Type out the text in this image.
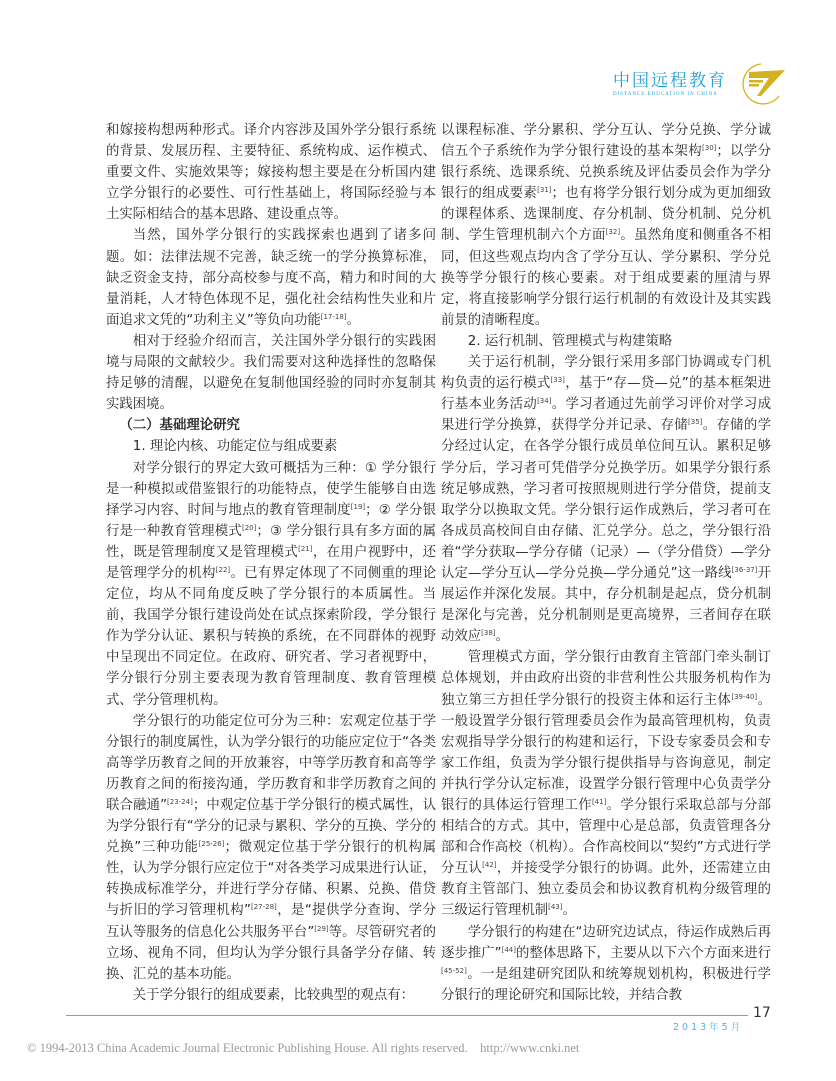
中国远程教育
DISTANCE EDUCATION IN CHINA

和嫁接构想两种形式。译介内容涉及国外学分银行系统的背景、发展历程、主要特征、系统构成、运作模式、重要文件、实施效果等；嫁接构想主要是在分析国内建立学分银行的必要性、可行性基础上，将国际经验与本土实际相结合的基本思路、建设重点等。

当然，国外学分银行的实践探索也遇到了诸多问题。如：法律法规不完善，缺乏统一的学分换算标准，缺乏资金支持，部分高校参与度不高，精力和时间的大量消耗，人才特色体现不足，强化社会结构性失业和片面追求文凭的“功利主义”等负向功能[17-18]。

相对于经验介绍而言，关注国外学分银行的实践困境与局限的文献较少。我们需要对这种选择性的忽略保持足够的清醒，以避免在复制他国经验的同时亦复制其实践困境。

（二）基础理论研究

1. 理论内核、功能定位与组成要素

对学分银行的界定大致可概括为三种：① 学分银行是一种模拟或借鉴银行的功能特点，使学生能够自由选择学习内容、时间与地点的教育管理制度[19]；② 学分银行是一种教育管理模式[20]；③ 学分银行具有多方面的属性，既是管理制度又是管理模式[21]，在用户视野中，还是管理学分的机构[22]。已有界定体现了不同侧重的理论定位，均从不同角度反映了学分银行的本质属性。当前，我国学分银行建设尚处在试点探索阶段，学分银行作为学分认证、累积与转换的系统，在不同群体的视野中呈现出不同定位。在政府、研究者、学习者视野中，学分银行分别主要表现为教育管理制度、教育管理模式、学分管理机构。

学分银行的功能定位可分为三种：宏观定位基于学分银行的制度属性，认为学分银行的功能应定位于“各类高等学历教育之间的开放兼容，中等学历教育和高等学历教育之间的衔接沟通，学历教育和非学历教育之间的联合融通”[23-24]；中观定位基于学分银行的模式属性，认为学分银行有“学分的记录与累积、学分的互换、学分的兑换”三种功能[25-26]；微观定位基于学分银行的机构属性，认为学分银行应定位于“对各类学习成果进行认证，转换成标准学分，并进行学分存储、积累、兑换、借贷与折旧的学习管理机构”[27-28]，是“提供学分查询、学分互认等服务的信息化公共服务平台”[29]等。尽管研究者的立场、视角不同，但均认为学分银行具备学分存储、转换、汇兑的基本功能。

关于学分银行的组成要素，比较典型的观点有：

以课程标准、学分累积、学分互认、学分兑换、学分诚信五个子系统作为学分银行建设的基本架构[30]；以学分银行系统、选课系统、兑换系统及评估委员会作为学分银行的组成要素[31]；也有将学分银行划分成为更加细致的课程体系、选课制度、存分机制、贷分机制、兑分机制、学生管理机制六个方面[32]。虽然角度和侧重各不相同，但这些观点均内含了学分互认、学分累积、学分兑换等学分银行的核心要素。对于组成要素的厘清与界定，将直接影响学分银行运行机制的有效设计及其实践前景的清晰程度。

2. 运行机制、管理模式与构建策略

关于运行机制，学分银行采用多部门协调或专门机构负责的运行模式[33]，基于“存—贷—兑”的基本框架进行基本业务活动[34]。学习者通过先前学习评价对学习成果进行学分换算，获得学分并记录、存储[35]。存储的学分经过认定，在各学分银行成员单位间互认。累积足够学分后，学习者可凭借学分兑换学历。如果学分银行系统足够成熟，学习者可按照规则进行学分借贷，提前支取学分以换取文凭。学分银行运作成熟后，学习者可在各成员高校间自由存储、汇兑学分。总之，学分银行沿着“学分获取—学分存储（记录）—（学分借贷）—学分认定—学分互认—学分兑换—学分通兑”这一路线[36-37]开展运作并深化发展。其中，存分机制是起点，贷分机制是深化与完善，兑分机制则是更高境界，三者间存在联动效应[38]。

管理模式方面，学分银行由教育主管部门牵头制订总体规划，并由政府出资的非营利性公共服务机构作为独立第三方担任学分银行的投资主体和运行主体[39-40]。一般设置学分银行管理委员会作为最高管理机构，负责宏观指导学分银行的构建和运行，下设专家委员会和专家工作组，负责为学分银行提供指导与咨询意见，制定并执行学分认定标准，设置学分银行管理中心负责学分银行的具体运行管理工作[41]。学分银行采取总部与分部相结合的方式。其中，管理中心是总部，负责管理各分部和合作高校（机构）。合作高校间以“契约”方式进行学分互认[42]，并接受学分银行的协调。此外，还需建立由教育主管部门、独立委员会和协议教育机构分级管理的三级运行管理机制[43]。

学分银行的构建在“边研究边试点，待运作成熟后再逐步推广”[44]的整体思路下，主要从以下六个方面来进行[45-52]。一是组建研究团队和统筹规划机构，积极进行学分银行的理论研究和国际比较，并结合教

2013年5月
17
© 1994-2013 China Academic Journal Electronic Publishing House. All rights reserved.    http://www.cnki.net
